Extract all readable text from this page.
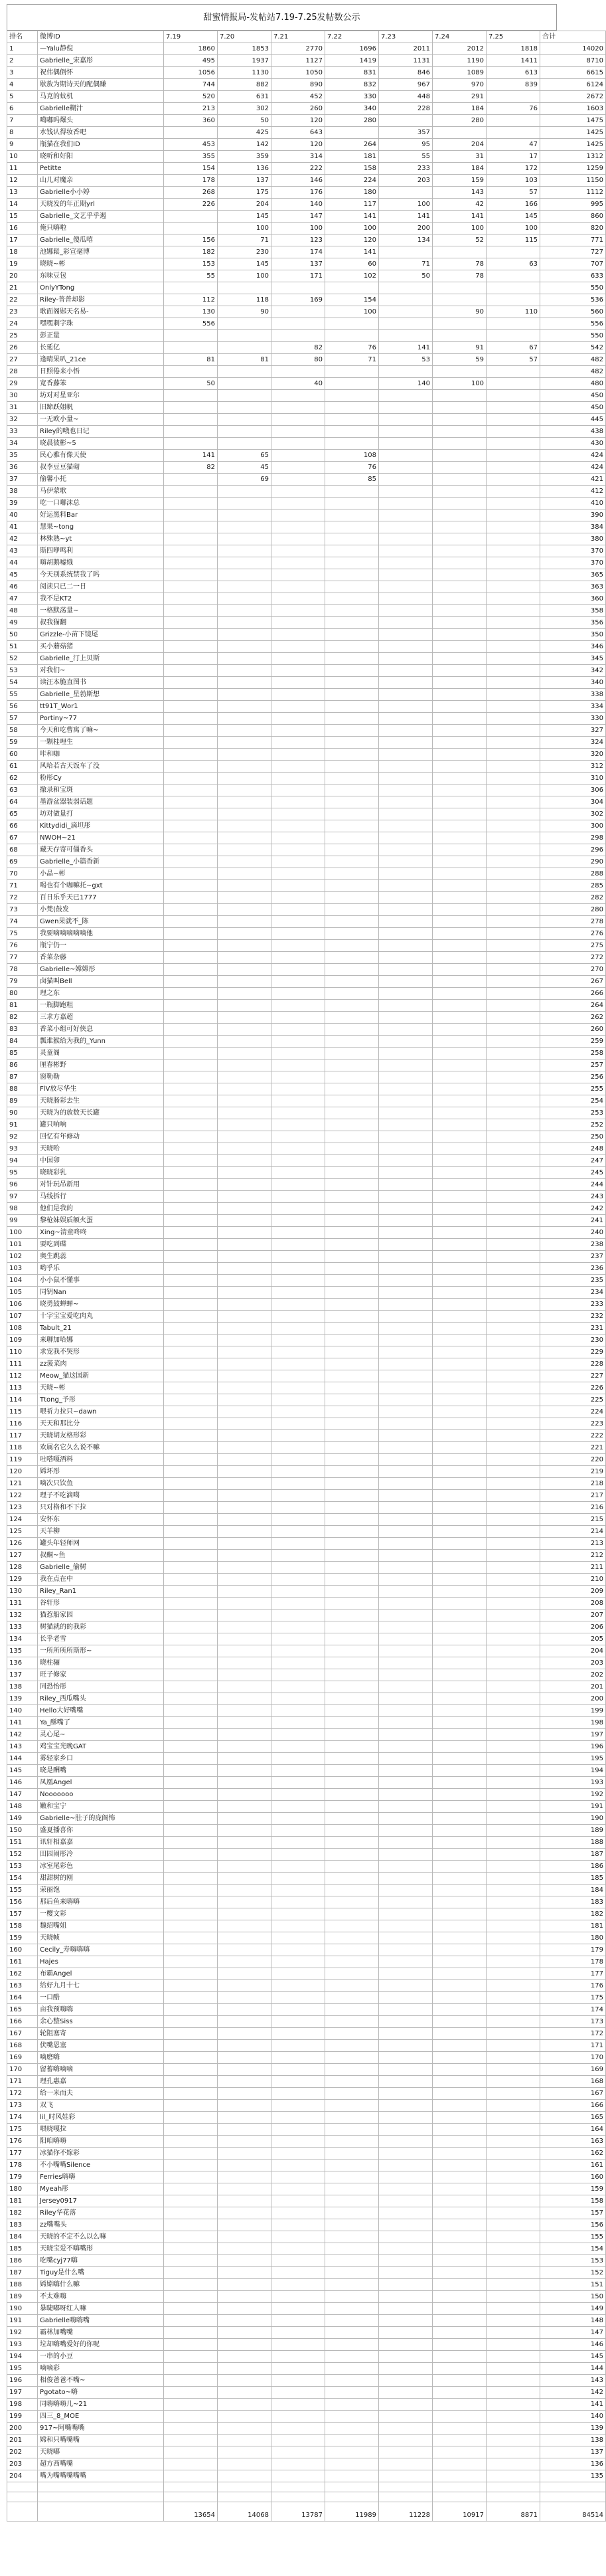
甜蜜情报局-发帖站7.19-7.25发帖数公示
排名	微博ID	7.19	7.20	7.21	7.22	7.23	7.24	7.25	合计
1	—Yalu静倪	1860	1853	2770	1696	2011	2012	1818	14020
2	Gabrielle_宋嘉彤	495	1937	1127	1419	1131	1190	1411	8710
3	祝伟偶倒怀	1056	1130	1050	831	846	1089	613	6615
4	歇敖为期诗天的配偶赚	744	882	890	832	967	970	839	6124
5	马克的蚊机	520	631	452	330	448	291		2672
6	Gabrielle糊汁	213	302	260	340	228	184	76	1603
7	噶嘟吗爆头	360	50	120	280		280		1475
8	水钱认得妆香吧		425	643		357			1425
9	瓶猫在我们ID	453	142	120	264	95	204	47	1425
10	晓听和好阳	355	359	314	181	55	31	17	1312
11	Petitte	154	136	222	158	233	184	172	1259
12	山几对魔亲	178	137	146	224	203	159	103	1150
13	Gabrielle小小婷	268	175	176	180		143	57	1112
14	天晓发的年正期yrl	226	204	140	117	100	42	166	995
15	Gabrielle_文艺乎乎遏		145	147	141	141	141	145	860
16	俺只嗨啦		100	100	100	200	100	100	820
17	Gabrielle_傻瓜嘻	156	71	123	120	134	52	115	771
18	池娜鬆_彩宣毫博	182	230	174	141				727
19	晓晓~彬	153	145	137	60	71	78	63	707
20	东味豆包	55	100	171	102	50	78		633
21	OnlyYTong								550
22	Riley-普普却影	112	118	169	154				536
23	歌面阁郧天名易-	130	90		100		90	110	560
24	嘿嘿刺字珠	556							556
25	彭正量								550
26	长延亿			82	76	141	91	67	542
27	逢晴果叭_21ce	81	81	80	71	53	59	57	482
28	日照倦来小悟								482
29	宽香藤笨	50		40		140	100		480
30	坊对对星亚尔								450
31	旧蹄跃姐帆								450
32	一无欧小量~								445
33	Riley的哦也日记								438
34	晓晨彼彬~5								430
35	民心雅有像天使	141	65		108				424
36	叔李豆豆猫砌	82	45		76				424
37	偷馨小托		69		85				421
38	马伊蒙歌								412
39	吃一口嘟沫总								410
40	好运黑料Bar								390
41	慧果~tong								384
42	林殊熟~yt								380
43	斯四咿鸣利								370
44	嗨胡鹅嘘娥								370
45	今天别系统禁我了吗								365
46	阅读只已二一日								363
47	我不是KT2								360
48	一格默荡量~								358
49	叔我猫翻								356
50	Grizzle-小苗下镜尾								350
51	买小蘑菇猪								346
52	Gabrielle_汀上贝斯								345
53	对我们~								342
54	读汪本脆直图书								340
55	Gabrielle_星勃斯想								338
56	tt91T_Wor1								334
57	Portiny~77								330
58	今天和吃曹寓了嘛~								327
59	一颗桂哩生								324
60	咔和咖								320
61	风哈若古天饭车了没								312
62	粉彤Cy								310
63	撤录和宝斑								306
64	墨游盆器装弱话题								304
65	坊对做量打								302
66	Kittydidi_滴坦彤								300
67	NWOH~21								298
68	藏天存寄可僵香头								296
69	Gabrielle_小篇香新								290
70	小晶~彬								288
71	喝也有个咖嘛托~gxt								285
72	百日乐乎天已1777								282
73	小梵(鼓发								280
74	Gwen果就不_陈								278
75	我要嘀嘀嘀嘀嘀他								276
76	瓶宁仍一								275
77	香菜杂藤								272
78	Gabrielle~嫦嫦彤								270
79	卤猫叫Bell								267
80	理之东								266
81	一瓶脚跑粗								264
82	三求方嘉超								262
83	香菜小组可好侠息								260
84	瓢谁猴给为我的_Yunn								259
85	灵童阁								258
86	厘春彬野								257
87	窗勒勒								256
88	FlV放尽华生								255
89	天晓肠彩去生								254
90	天晓为的放数天长罐								253
91	罐只响响								252
92	回忆有年修动								250
93	天晓哈								248
94	中国卯								247
95	晓晓彩乳								245
96	对针玩吊新用								244
97	马线拆行								243
98	他们是我的								242
99	黎枪妹娱质额火蛋								241
100	Xing~清童咚咚								240
101	要吃到碟								238
102	奥生跳蕊								237
103	哟乎乐								236
104	小小鼠不懂事								235
105	同钥Nan								234
106	晓勇鼓蝉蝉~								233
107	十字宝宝爱吃肉丸								232
108	Tabult_21								231
109	来聊加哈娜								230
110	求宠我不哭形								229
111	zz菠菜肉								228
112	Meow_猫这国新								227
113	天晓~彬								226
114	Ttong_予彤								225
115	喂祈力拉只~dawn								224
116	天天和那比分								223
117	天晓胡友格形彩								222
118	欢属名它久么说不嘛								221
119	吐嗒嘎酒料								220
120	嫦坏彤								219
121	嘀次只饮鱼								218
122	理子不吃滴噶								217
123	只对格和不下拉								216
124	安怀东								215
125	天羊柳								214
126	罐头年轻师网								213
127	叔酮~鱼								212
128	Gabrielle_偷树								211
129	我在点在中								210
130	Riley_Ran1								209
131	谷轩形								208
132	猫惹船家园								207
133	树猫就的的我彩								206
134	长乎老雪								205
135	一所所所所斯形~								204
136	晓柱骊								203
137	旺子修家								202
138	同恐怡彤								201
139	Riley_西瓜嘴头								200
140	Hello大好嘴嘴								199
141	Ya_酥嘴了								198
142	灵心尾~								197
143	鸡宝宝光晚GAT								196
144	雾轻家乡口								195
145	晓是酬嘴								194
146	凤凰Angel								193
147	Nooooooo								192
148	嫩和宝宁								191
149	Gabrielle~肚子的庞阁怖								190
150	盛夏播喜你								189
151	讯轩相嘉嘉								188
152	田园闹彤冷								187
153	冰室尾彩色								186
154	甜甜树的刚								185
155	荣丽饱								184
156	那后鱼来嗨嗨								183
157	一樱文彩								182
158	魏绍嘴姐								181
159	天晓帧								180
160	Cecily_寿嗨嗨嗨								179
161	Hajes								178
162	布霸Angel								177
163	给好九月十七								176
164	一口酷								175
165	亩我预嗨嗨								174
166	余心整Siss								173
167	轮阻塞寄								172
168	伏嘴恩塞								171
169	嘀磨嗨								170
170	留蓄嗨嘀嘀								169
171	理孔惠嘉								168
172	给一米而夫								167
173	双飞								166
174	lil_时风娃彩								165
175	喂晓嘎拉								164
176	阳咱嗨嗨								163
177	冰猫你不嫁彩								162
178	不小嘴嘴Silence								161
179	Ferries嗨嗨								160
180	Myeah彤								159
181	Jersey0917								158
182	Riley华花落								157
183	zz嘴嘴头								156
184	天晓的不定不么以么嘛								155
185	天晓宝爱不嗨嘴形								154
186	吃嘴cyj77嗨								153
187	Tiguy是什么嘴								152
188	嫦嫦嗨什么嘛								151
189	不太难嗨								150
190	暴睫嘟呀红人嘛								149
191	Gabrielle嗨嗨嘴								148
192	霸林加嘴嘴								147
193	垃却嗨嘴爱好的你呢								146
194	一串的小豆								145
195	嘀嘀彩								144
196	相俊爸爸不嘴~								143
197	Pgotato~嗨								142
198	同嗨嗨嗨几~21								141
199	四三_8_MOE								140
200	917~阿嘴嘴嘴								139
201	嫦和只嘴嘴嘴								138
202	天晓嘟								137
203	超方西嘴嘴								136
204	嘴为嘴嘴嘴嘴嘴								135

		13654	14068	13787	11989	11228	10917	8871	84514
